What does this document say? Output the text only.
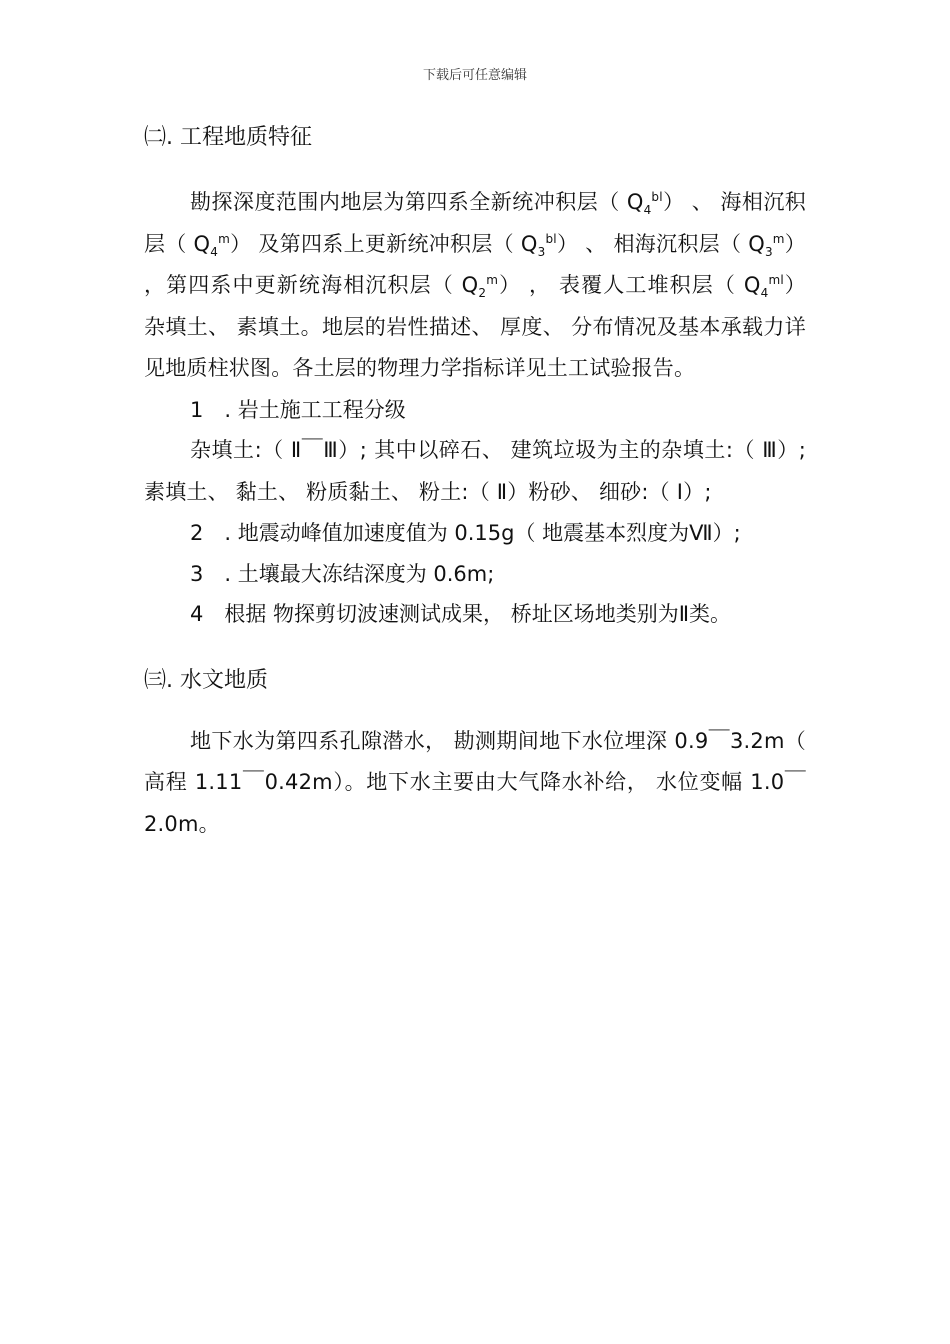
下载后可任意编辑
㈡. 工程地质特征

勘探深度范围内地层为第四系全新统冲积层（ $Q_4^{bl}$） 、 海相沉积层（ $Q_4^m$） 及第四系上更新统冲积层（ $Q_3^{bl}$） 、 相海沉积层（ $Q_3^m$） ，第四系中更新统海相沉积层（ $Q_2^m$） ， 表覆人工堆积层（ $Q_4^{ml}$） 杂填土、 素填土。地层的岩性描述、 厚度、 分布情况及基本承载力详见地质柱状图。各土层的物理力学指标详见土工试验报告。

1　. 岩土施工工程分级

杂填土:（ Ⅱ￣Ⅲ）; 其中以碎石、 建筑垃圾为主的杂填土:（ Ⅲ）; 素填土、 黏土、 粉质黏土、 粉土:（ Ⅱ）粉砂、 细砂:（ Ⅰ）;

2　. 地震动峰值加速度值为 0.15g（ 地震基本烈度为Ⅶ）;

3　. 土壤最大冻结深度为 0.6m;

4　根据 物探剪切波速测试成果， 桥址区场地类别为Ⅱ类。

㈢. 水文地质

地下水为第四系孔隙潜水， 勘测期间地下水位埋深 0.9￣3.2m（ 高程 1.11￣0.42m）。地下水主要由大气降水补给， 水位变幅 1.0￣2.0m。
